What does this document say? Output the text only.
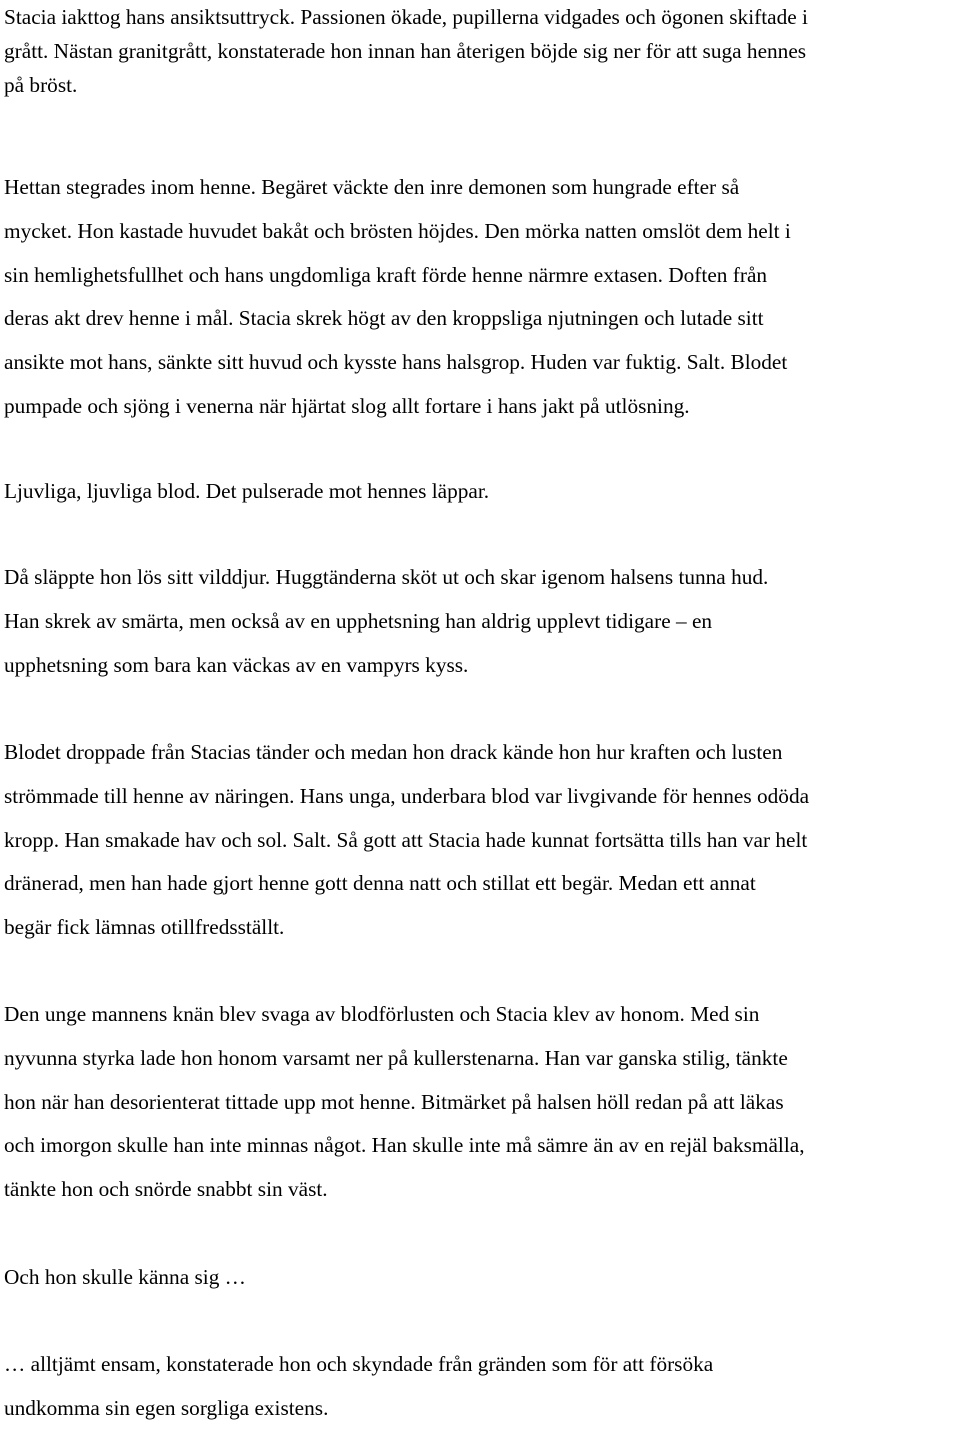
Stacia iakttog hans ansiktsuttryck. Passionen ökade, pupillerna vidgades och ögonen skiftade i
grått. Nästan granitgrått, konstaterade hon innan han återigen böjde sig ner för att suga hennes
på bröst.

Hettan stegrades inom henne. Begäret väckte den inre demonen som hungrade efter så
mycket. Hon kastade huvudet bakåt och brösten höjdes. Den mörka natten omslöt dem helt i
sin hemlighetsfullhet och hans ungdomliga kraft förde henne närmre extasen. Doften från
deras akt drev henne i mål. Stacia skrek högt av den kroppsliga njutningen och lutade sitt
ansikte mot hans, sänkte sitt huvud och kysste hans halsgrop. Huden var fuktig. Salt. Blodet
pumpade och sjöng i venerna när hjärtat slog allt fortare i hans jakt på utlösning.

Ljuvliga, ljuvliga blod. Det pulserade mot hennes läppar.

Då släppte hon lös sitt vilddjur. Huggtänderna sköt ut och skar igenom halsens tunna hud.
Han skrek av smärta, men också av en upphetsning han aldrig upplevt tidigare – en
upphetsning som bara kan väckas av en vampyrs kyss.

Blodet droppade från Stacias tänder och medan hon drack kände hon hur kraften och lusten
strömmade till henne av näringen. Hans unga, underbara blod var livgivande för hennes odöda
kropp. Han smakade hav och sol. Salt. Så gott att Stacia hade kunnat fortsätta tills han var helt
dränerad, men han hade gjort henne gott denna natt och stillat ett begär. Medan ett annat
begär fick lämnas otillfredsställt.

Den unge mannens knän blev svaga av blodförlusten och Stacia klev av honom. Med sin
nyvunna styrka lade hon honom varsamt ner på kullerstenarna. Han var ganska stilig, tänkte
hon när han desorienterat tittade upp mot henne. Bitmärket på halsen höll redan på att läkas
och imorgon skulle han inte minnas något. Han skulle inte må sämre än av en rejäl baksmälla,
tänkte hon och snörde snabbt sin väst.

Och hon skulle känna sig …

… alltjämt ensam, konstaterade hon och skyndade från gränden som för att försöka
undkomma sin egen sorgliga existens.
